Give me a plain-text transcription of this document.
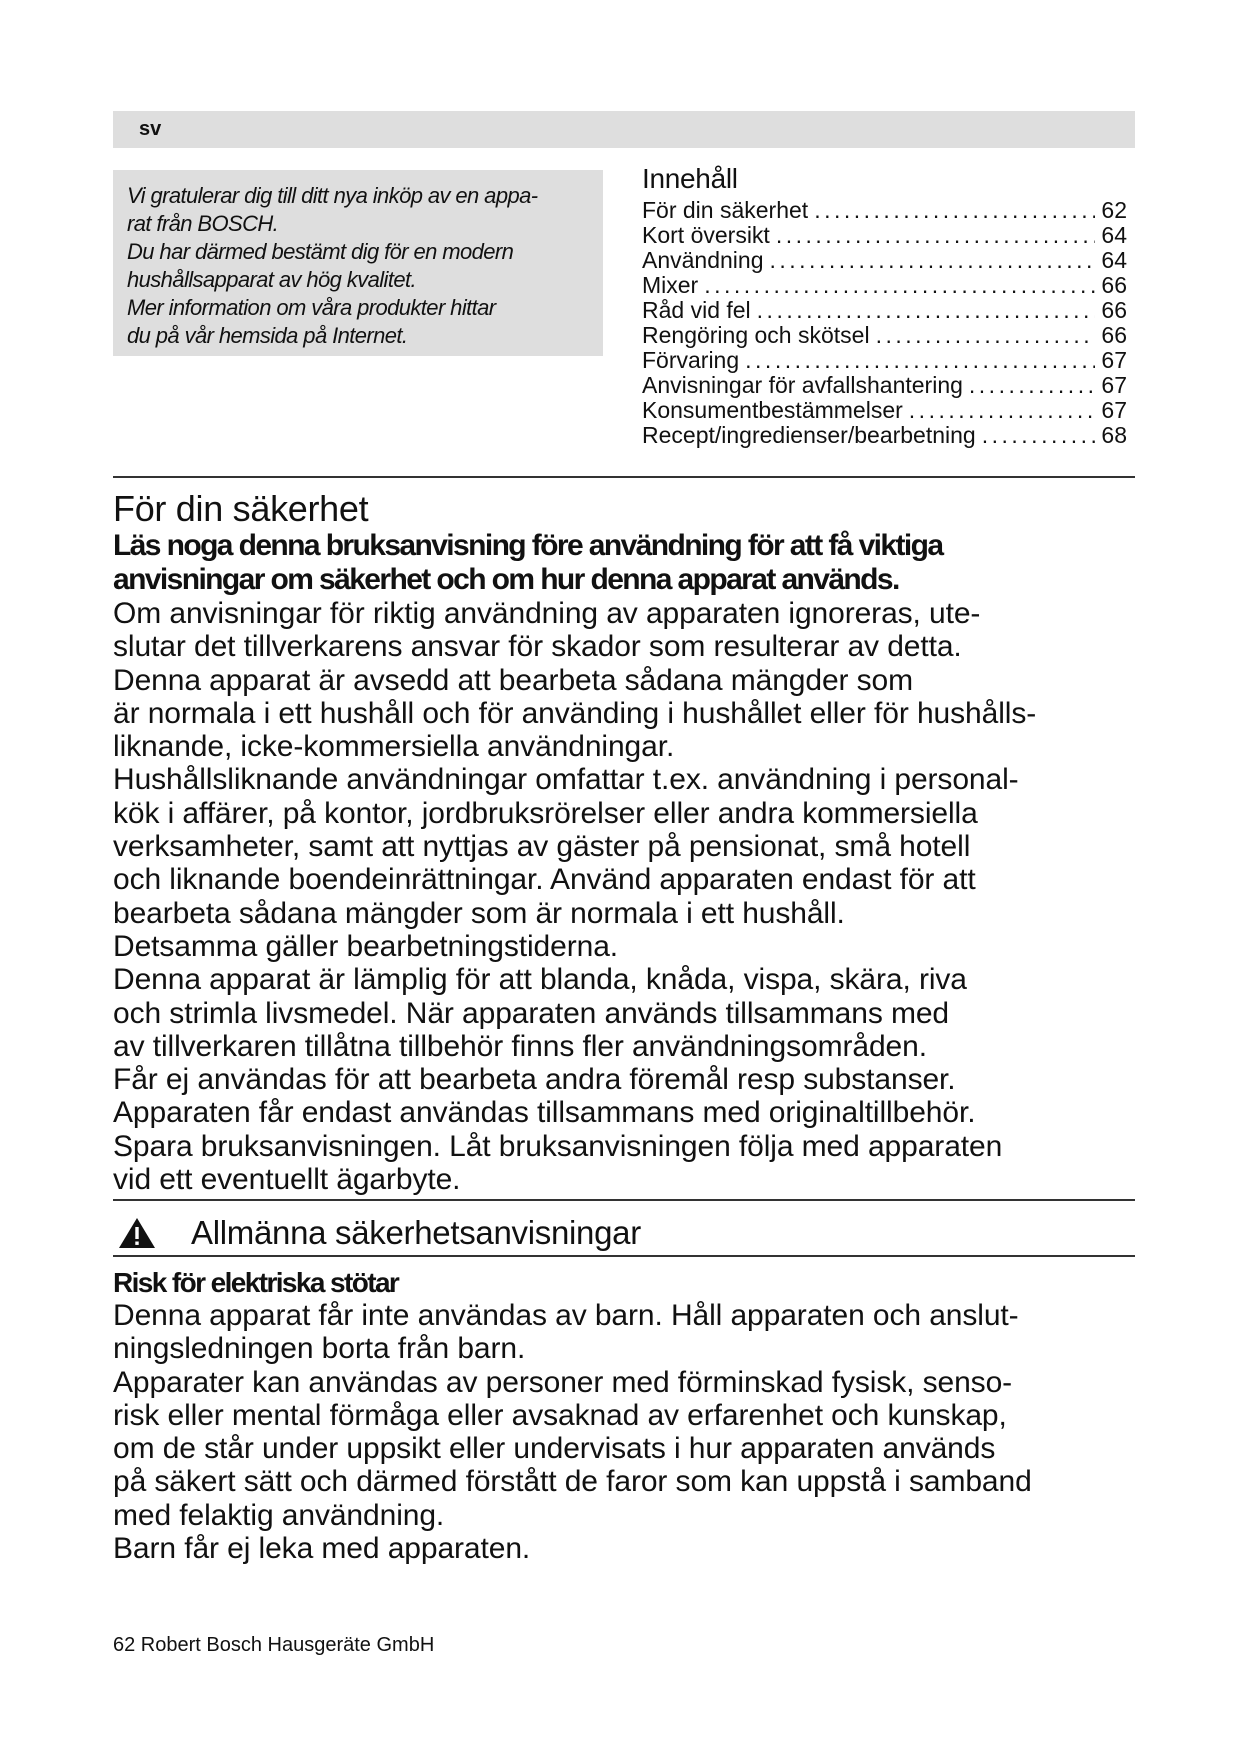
sv
Vi gratulerar dig till ditt nya inköp av en appa-
rat från BOSCH.
Du har därmed bestämt dig för en modern
hushållsapparat av hög kvalitet.
Mer information om våra produkter hittar
du på vår hemsida på Internet.
Innehåll
För din säkerhet .....	62
Kort översikt .....	64
Användning .....	64
Mixer .....	66
Råd vid fel .....	66
Rengöring och skötsel .....	66
Förvaring .....	67
Anvisningar för avfallshantering .....	67
Konsumentbestämmelser .....	67
Recept/ingredienser/bearbetning .....	68
För din säkerhet
Läs noga denna bruksanvisning före användning för att få viktiga
anvisningar om säkerhet och om hur denna apparat används.
Om anvisningar för riktig användning av apparaten ignoreras, ute-
slutar det tillverkarens ansvar för skador som resulterar av detta.
Denna apparat är avsedd att bearbeta sådana mängder som
är normala i ett hushåll och för använding i hushållet eller för hushålls-
liknande, icke-kommersiella användningar.
Hushållsliknande användningar omfattar t.ex. användning i personal-
kök i affärer, på kontor, jordbruksrörelser eller andra kommersiella
verksamheter, samt att nyttjas av gäster på pensionat, små hotell
och liknande boendeinrättningar. Använd apparaten endast för att
bearbeta sådana mängder som är normala i ett hushåll.
Detsamma gäller bearbetningstiderna.
Denna apparat är lämplig för att blanda, knåda, vispa, skära, riva
och strimla livsmedel. När apparaten används tillsammans med
av tillverkaren tillåtna tillbehör finns fler användningsområden.
Får ej användas för att bearbeta andra föremål resp substanser.
Apparaten får endast användas tillsammans med originaltillbehör.
Spara bruksanvisningen. Låt bruksanvisningen följa med apparaten
vid ett eventuellt ägarbyte.
Allmänna säkerhetsanvisningar
Risk för elektriska stötar
Denna apparat får inte användas av barn. Håll apparaten och anslut-
ningsledningen borta från barn.
Apparater kan användas av personer med förminskad fysisk, senso-
risk eller mental förmåga eller avsaknad av erfarenhet och kunskap,
om de står under uppsikt eller undervisats i hur apparaten används
på säkert sätt och därmed förstått de faror som kan uppstå i samband
med felaktig användning.
Barn får ej leka med apparaten.
62 Robert Bosch Hausgeräte GmbH
